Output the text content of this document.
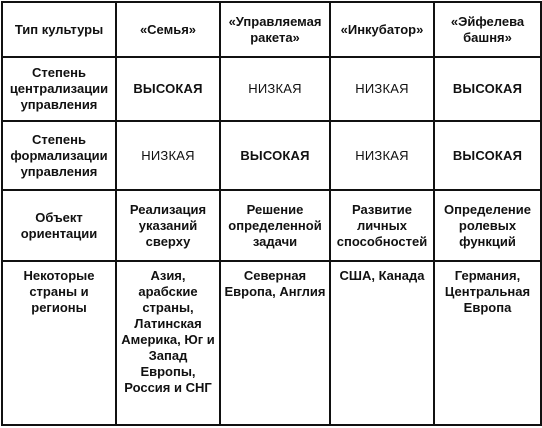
Тип культуры	«Семья»	«Управляемая ракета»	«Инкубатор»	«Эйфелева башня»
Степень централизации управления	ВЫСОКАЯ	НИЗКАЯ	НИЗКАЯ	ВЫСОКАЯ
Степень формализации управления	НИЗКАЯ	ВЫСОКАЯ	НИЗКАЯ	ВЫСОКАЯ
Объект ориентации	Реализация указаний сверху	Решение определенной задачи	Развитие личных способностей	Определение ролевых функций
Некоторые страны и регионы	Азия, арабские страны, Латинская Америка, Юг и Запад Европы, Россия и СНГ	Северная Европа, Англия	США, Канада	Германия, Центральная Европа
